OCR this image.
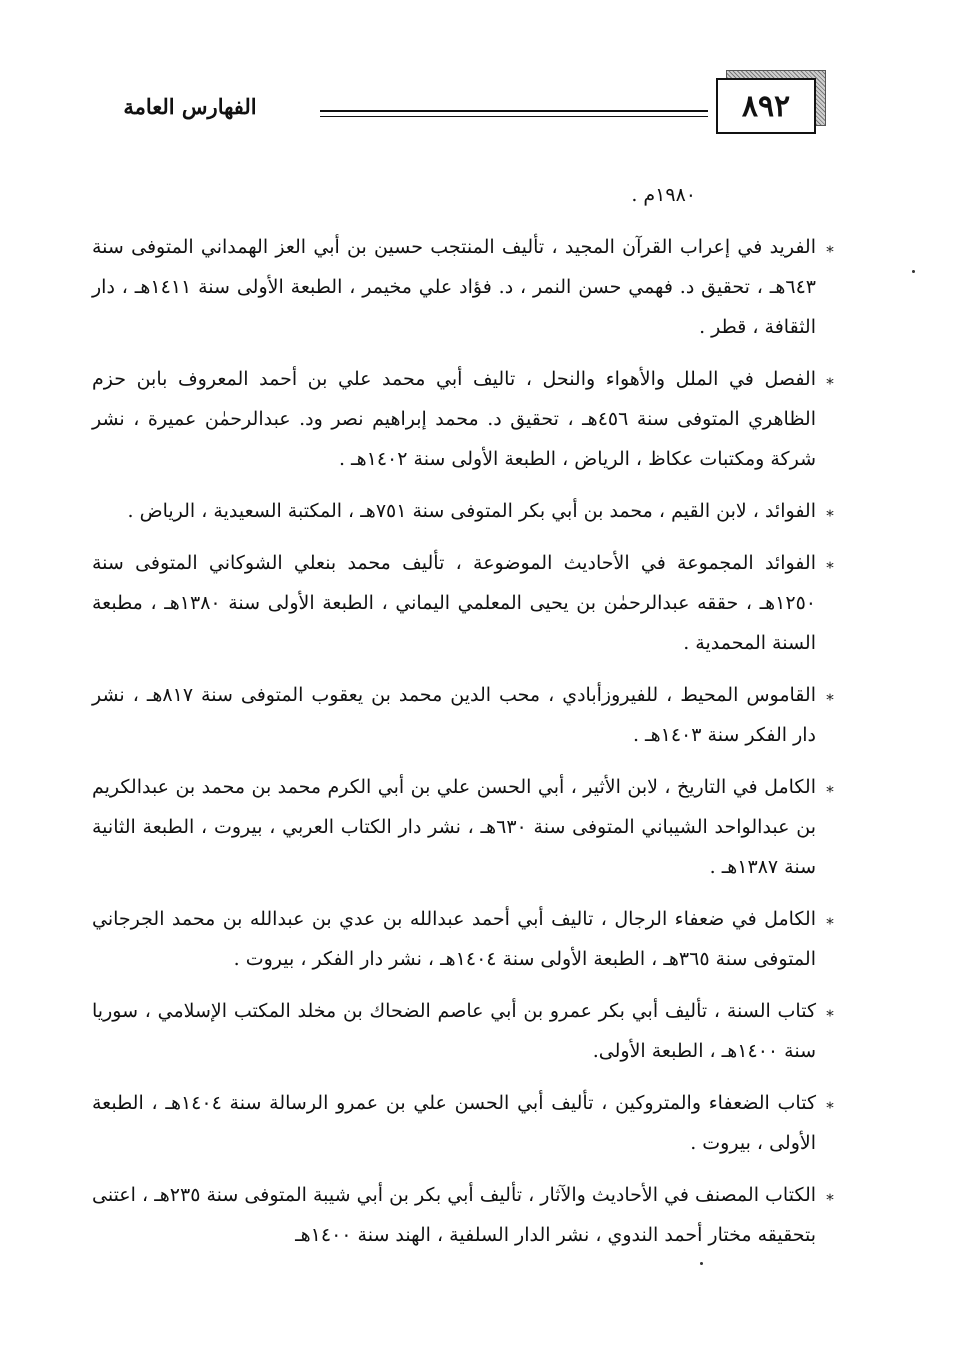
٨٩٢
الفهارس العامة
١٩٨٠م .
⁎
الفريد في إعراب القرآن المجيد ، تأليف المنتجب حسين بن أبي العز الهمداني المتوفى سنة ٦٤٣هـ ، تحقيق د. فهمي حسن النمر ، د. فؤاد علي مخيمر ، الطبعة الأولى سنة ١٤١١هـ ، دار الثقافة ، قطر .
⁎
الفصل في الملل والأهواء والنحل ، تاليف أبي محمد علي بن أحمد المعروف بابن حزم الظاهري المتوفى سنة ٤٥٦هـ ، تحقيق د. محمد إبراهيم نصر ود. عبدالرحمٰن عميرة ، نشر شركة ومكتبات عكاظ ، الرياض ، الطبعة الأولى سنة ١٤٠٢هـ .
⁎
الفوائد ، لابن القيم ، محمد بن أبي بكر المتوفى سنة ٧٥١هـ ، المكتبة السعيدية ، الرياض .
⁎
الفوائد المجموعة في الأحاديث الموضوعة ، تأليف محمد بنعلي الشوكاني المتوفى سنة ١٢٥٠هـ ، حققه عبدالرحمٰن بن يحيى المعلمي اليماني ، الطبعة الأولى سنة ١٣٨٠هـ ، مطبعة السنة المحمدية .
⁎
القاموس المحيط ، للفيروزأبادي ، محب الدين محمد بن يعقوب المتوفى سنة ٨١٧هـ ، نشر دار الفكر سنة ١٤٠٣هـ .
⁎
الكامل في التاريخ ، لابن الأثير ، أبي الحسن علي بن أبي الكرم محمد بن محمد بن عبدالكريم بن عبدالواحد الشيباني المتوفى سنة ٦٣٠هـ ، نشر دار الكتاب العربي ، بيروت ، الطبعة الثانية سنة ١٣٨٧هـ .
⁎
الكامل في ضعفاء الرجال ، تاليف أبي أحمد عبدالله بن عدي بن عبدالله بن محمد الجرجاني المتوفى سنة ٣٦٥هـ ، الطبعة الأولى سنة ١٤٠٤هـ ، نشر دار الفكر ، بيروت .
⁎
كتاب السنة ، تأليف أبي بكر عمرو بن أبي عاصم الضحاك بن مخلد المكتب الإسلامي ، سوريا سنة ١٤٠٠هـ ، الطبعة الأولى.
⁎
كتاب الضعفاء والمتروكين ، تأليف أبي الحسن علي بن عمرو الرسالة سنة ١٤٠٤هـ ، الطبعة الأولى ، بيروت .
⁎
الكتاب المصنف في الأحاديث والآثار ، تأليف أبي بكر بن أبي شيبة المتوفى سنة ٢٣٥هـ ، اعتنى بتحقيقه مختار أحمد الندوي ، نشر الدار السلفية ، الهند سنة ١٤٠٠هـ
